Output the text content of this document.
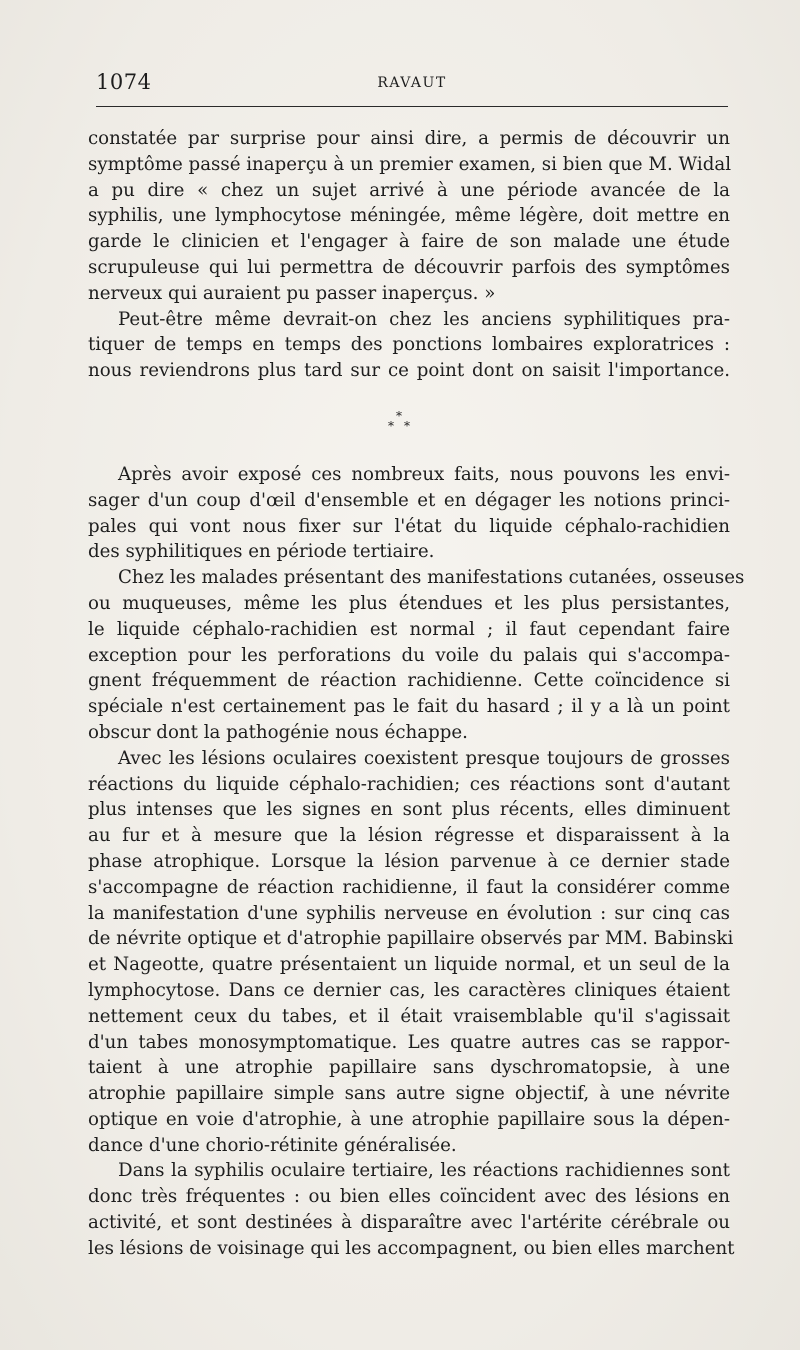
1074	RAVAUT
constatée par surprise pour ainsi dire, a permis de découvrir un
symptôme passé inaperçu à un premier examen, si bien que M. Widal
a pu dire « chez un sujet arrivé à une période avancée de la
syphilis, une lymphocytose méningée, même légère, doit mettre en
garde le clinicien et l'engager à faire de son malade une étude
scrupuleuse qui lui permettra de découvrir parfois des symptômes
nerveux qui auraient pu passer inaperçus. »
Peut-être même devrait-on chez les anciens syphilitiques pra-
tiquer de temps en temps des ponctions lombaires exploratrices :
nous reviendrons plus tard sur ce point dont on saisit l'importance.
*
* *
Après avoir exposé ces nombreux faits, nous pouvons les envi-
sager d'un coup d'œil d'ensemble et en dégager les notions princi-
pales qui vont nous fixer sur l'état du liquide céphalo-rachidien
des syphilitiques en période tertiaire.
Chez les malades présentant des manifestations cutanées, osseuses
ou muqueuses, même les plus étendues et les plus persistantes,
le liquide céphalo-rachidien est normal ; il faut cependant faire
exception pour les perforations du voile du palais qui s'accompa-
gnent fréquemment de réaction rachidienne. Cette coïncidence si
spéciale n'est certainement pas le fait du hasard ; il y a là un point
obscur dont la pathogénie nous échappe.
Avec les lésions oculaires coexistent presque toujours de grosses
réactions du liquide céphalo-rachidien; ces réactions sont d'autant
plus intenses que les signes en sont plus récents, elles diminuent
au fur et à mesure que la lésion régresse et disparaissent à la
phase atrophique. Lorsque la lésion parvenue à ce dernier stade
s'accompagne de réaction rachidienne, il faut la considérer comme
la manifestation d'une syphilis nerveuse en évolution : sur cinq cas
de névrite optique et d'atrophie papillaire observés par MM. Babinski
et Nageotte, quatre présentaient un liquide normal, et un seul de la
lymphocytose. Dans ce dernier cas, les caractères cliniques étaient
nettement ceux du tabes, et il était vraisemblable qu'il s'agissait
d'un tabes monosymptomatique. Les quatre autres cas se rappor-
taient à une atrophie papillaire sans dyschromatopsie, à une
atrophie papillaire simple sans autre signe objectif, à une névrite
optique en voie d'atrophie, à une atrophie papillaire sous la dépen-
dance d'une chorio-rétinite généralisée.
Dans la syphilis oculaire tertiaire, les réactions rachidiennes sont
donc très fréquentes : ou bien elles coïncident avec des lésions en
activité, et sont destinées à disparaître avec l'artérite cérébrale ou
les lésions de voisinage qui les accompagnent, ou bien elles marchent
